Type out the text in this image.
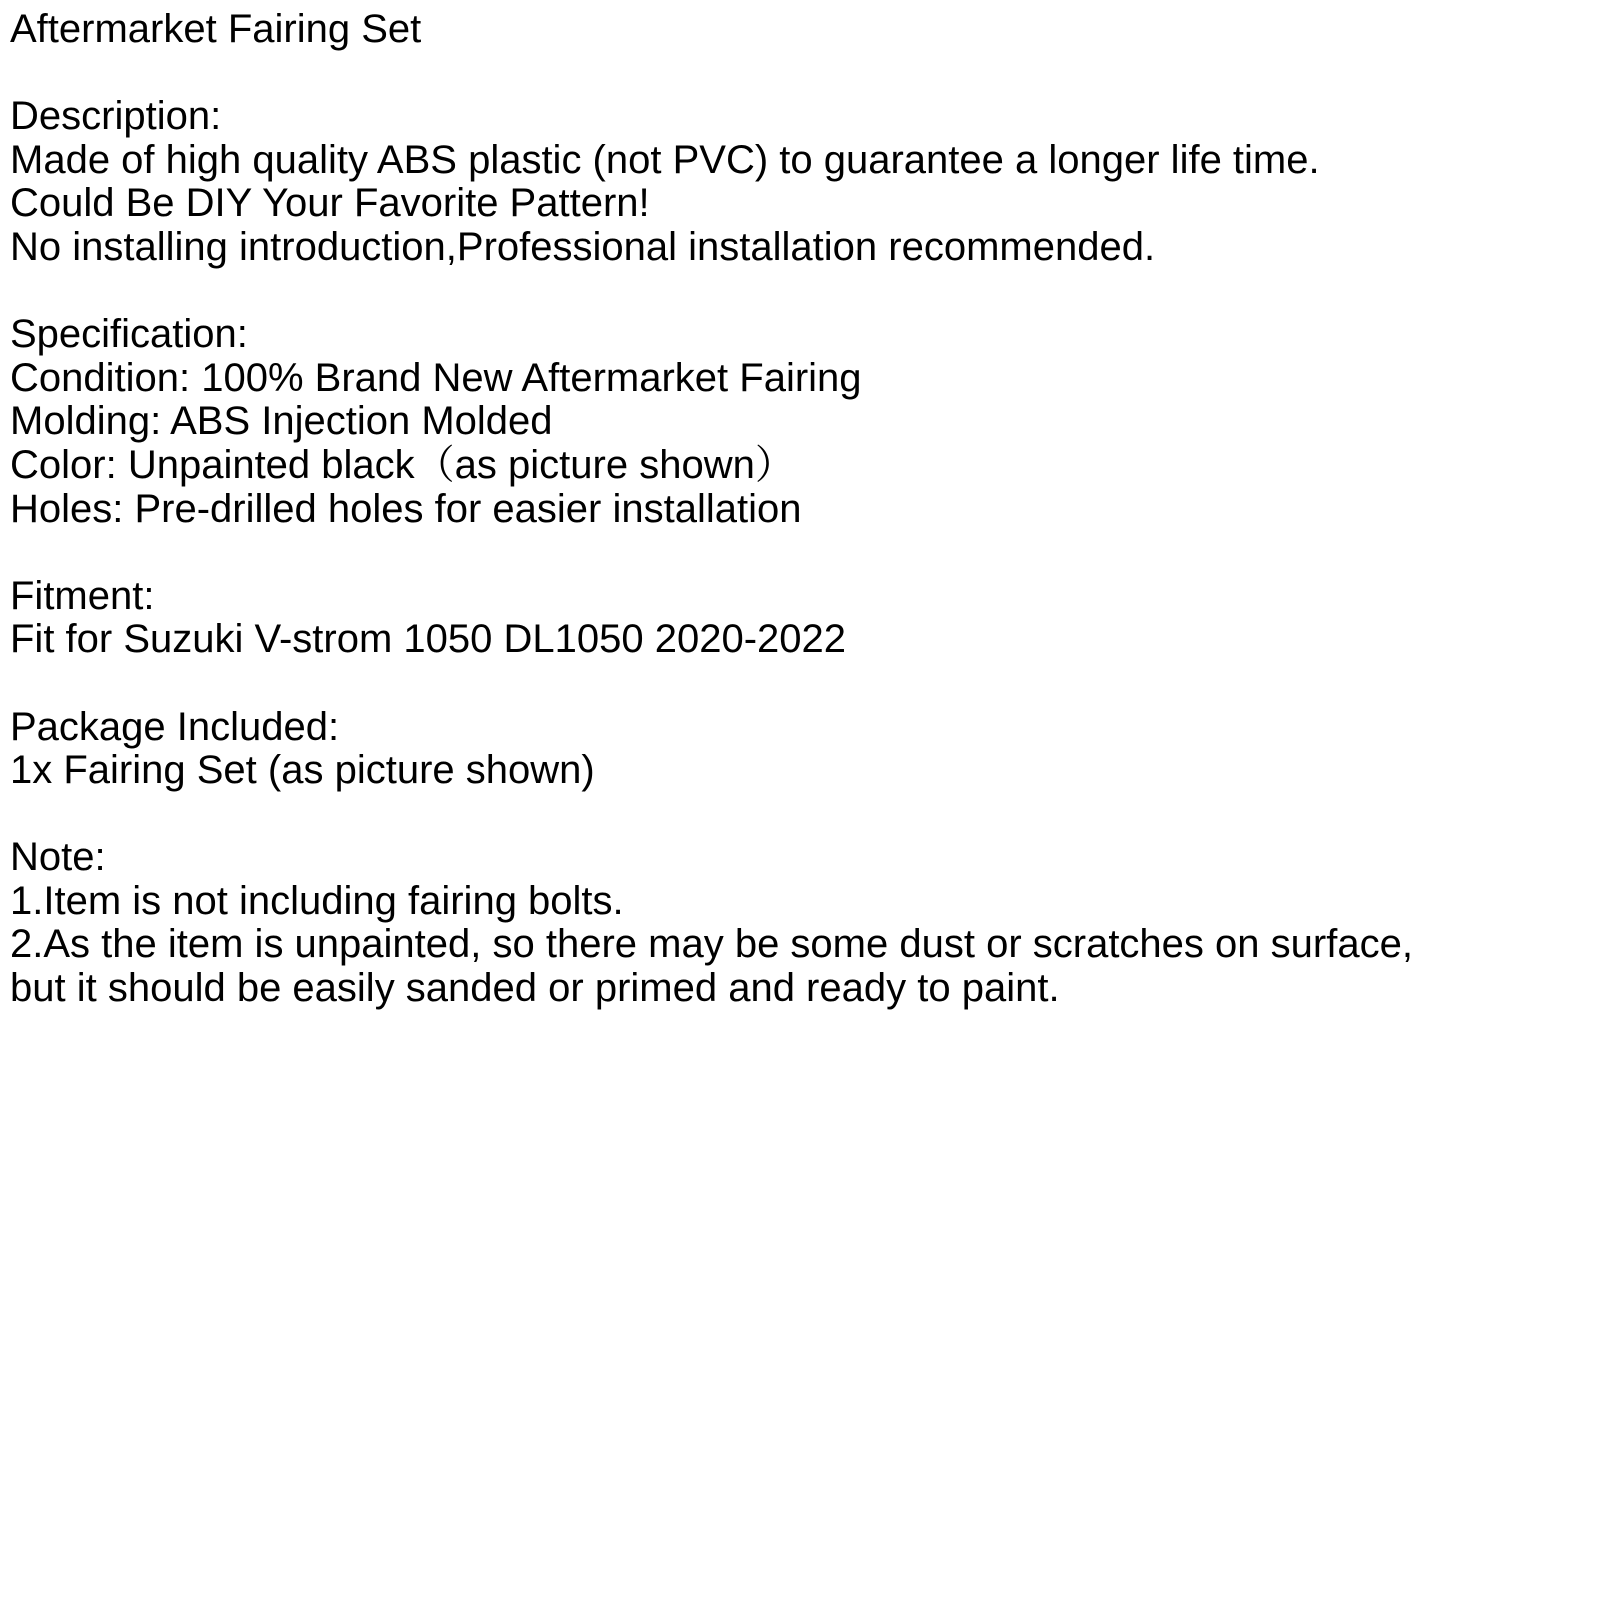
Aftermarket Fairing Set
Description:
Made of high quality ABS plastic (not PVC) to guarantee a longer life time.
Could Be DIY Your Favorite Pattern!
No installing introduction,Professional installation recommended.
Specification:
Condition: 100% Brand New Aftermarket Fairing
Molding: ABS Injection Molded
Color: Unpainted black（as picture shown）
Holes: Pre-drilled holes for easier installation
Fitment:
Fit for Suzuki V-strom 1050 DL1050 2020-2022
Package Included:
1x Fairing Set (as picture shown)
Note:
1.Item is not including fairing bolts.
2.As the item is unpainted, so there may be some dust or scratches on surface,
but it should be easily sanded or primed and ready to paint.
